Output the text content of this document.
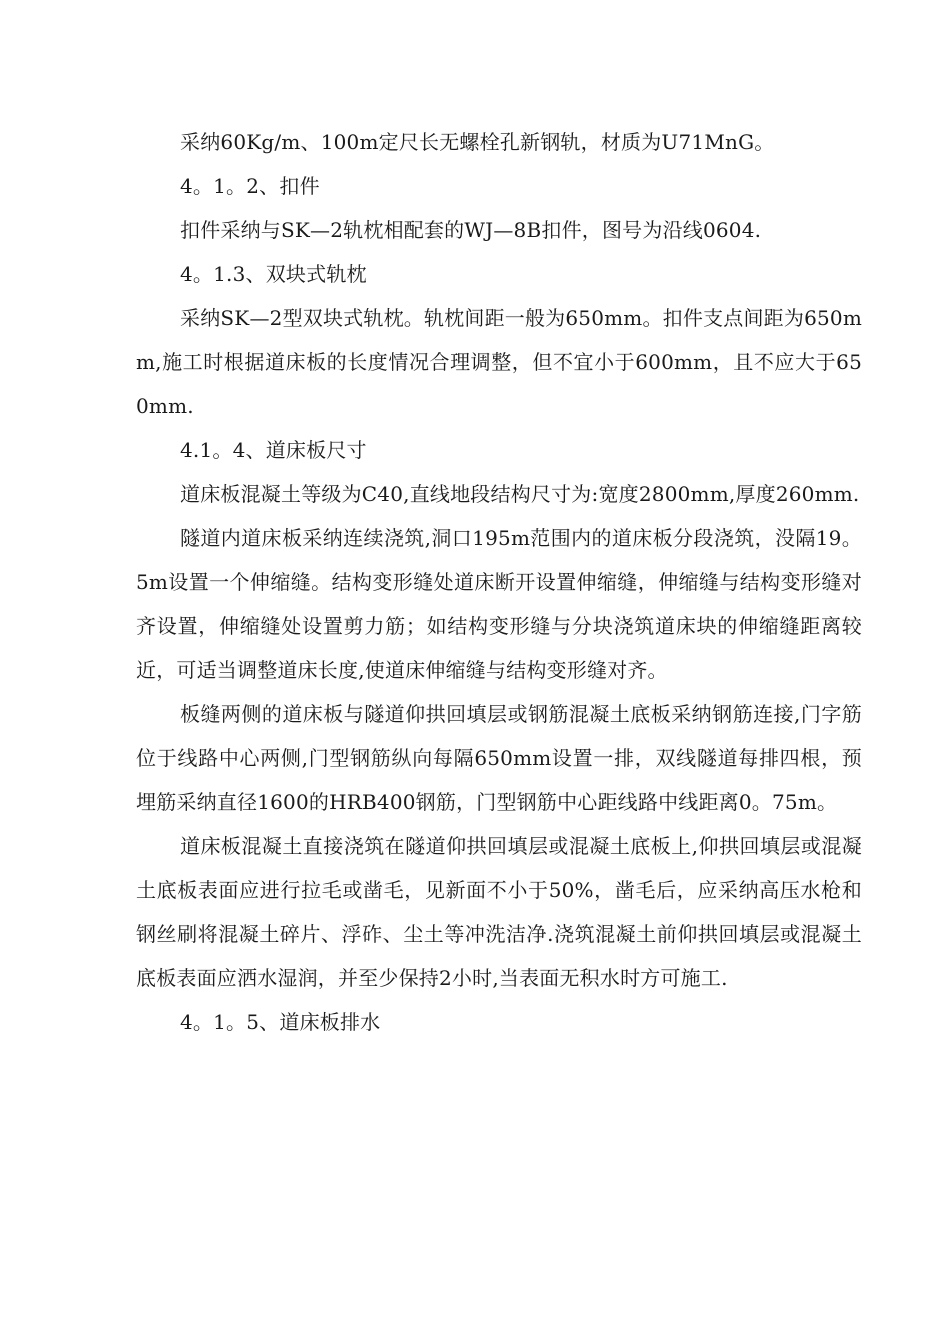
采纳60Kg/m、100m定尺长无螺栓孔新钢轨，材质为U71MnG。

4。1。2、扣件

扣件采纳与SK—2轨枕相配套的WJ—8B扣件，图号为沿线0604.

4。1.3、双块式轨枕

采纳SK—2型双块式轨枕。轨枕间距一般为650mm。扣件支点间距为650mm,施工时根据道床板的长度情况合理调整，但不宜小于600mm，且不应大于650mm.

4.1。4、道床板尺寸

道床板混凝土等级为C40,直线地段结构尺寸为:宽度2800mm,厚度260mm.

隧道内道床板采纳连续浇筑,洞口195m范围内的道床板分段浇筑，没隔19。5m设置一个伸缩缝。结构变形缝处道床断开设置伸缩缝，伸缩缝与结构变形缝对齐设置，伸缩缝处设置剪力筋；如结构变形缝与分块浇筑道床块的伸缩缝距离较近，可适当调整道床长度,使道床伸缩缝与结构变形缝对齐。

板缝两侧的道床板与隧道仰拱回填层或钢筋混凝土底板采纳钢筋连接,门字筋位于线路中心两侧,门型钢筋纵向每隔650mm设置一排，双线隧道每排四根，预埋筋采纳直径1600的HRB400钢筋，门型钢筋中心距线路中线距离0。75m。

道床板混凝土直接浇筑在隧道仰拱回填层或混凝土底板上,仰拱回填层或混凝土底板表面应进行拉毛或凿毛，见新面不小于50%，凿毛后，应采纳高压水枪和钢丝刷将混凝土碎片、浮砟、尘土等冲洗洁净.浇筑混凝土前仰拱回填层或混凝土底板表面应洒水湿润，并至少保持2小时,当表面无积水时方可施工.

4。1。5、道床板排水
